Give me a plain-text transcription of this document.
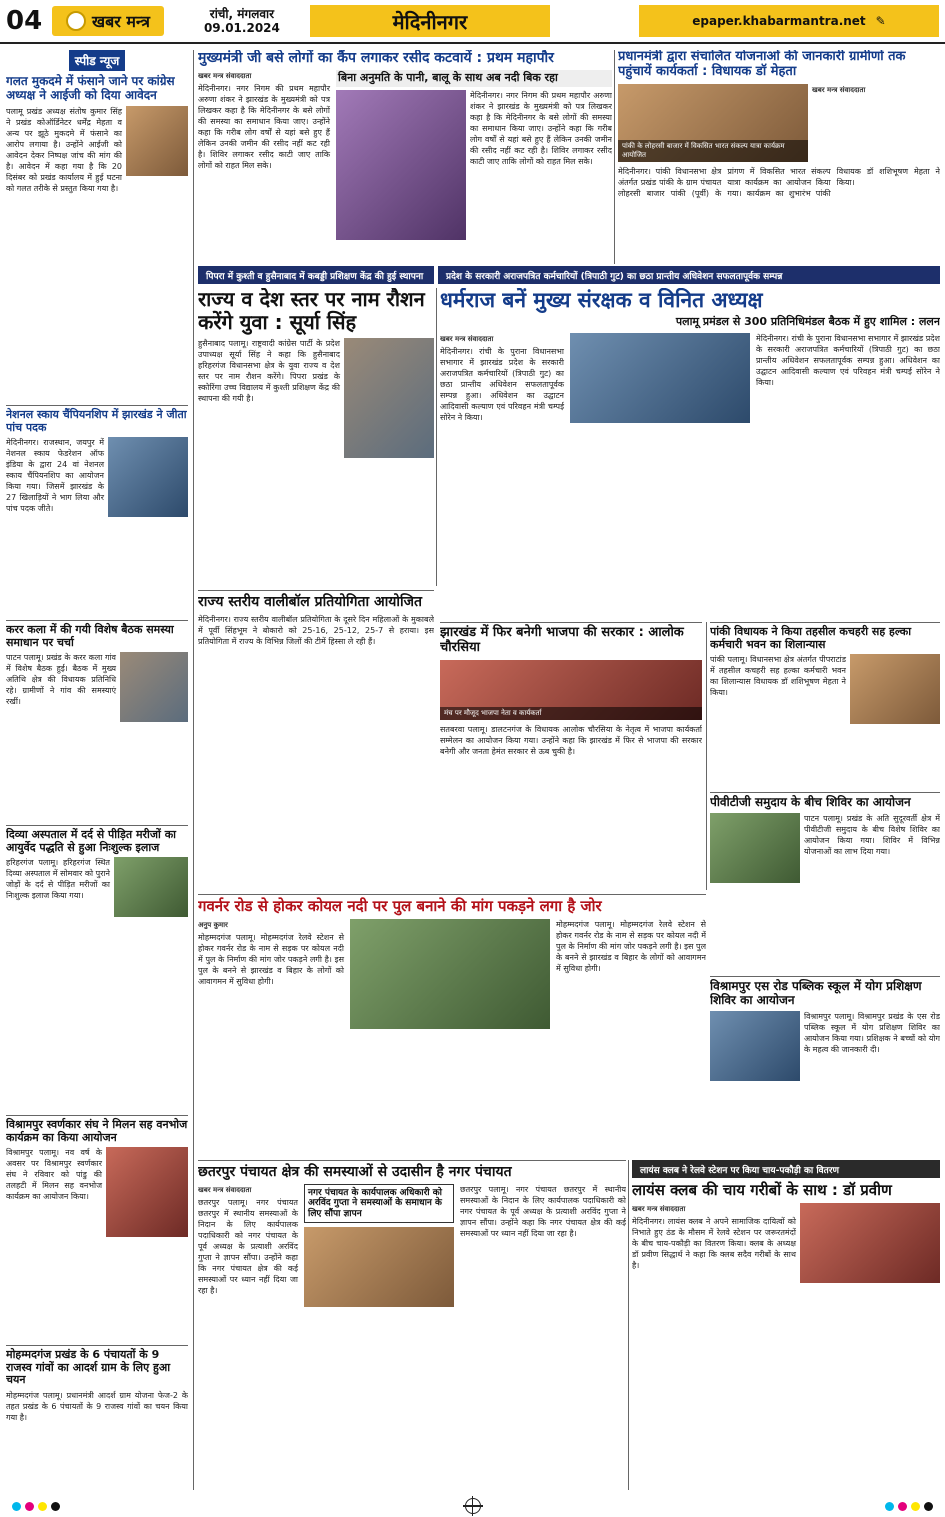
04	खबर मन्त्र	रांची, मंगलवार
09.01.2024	मेदिनीनगर	epaper.khabarmantra.net ✎
स्पीड न्यूज
गलत मुकदमे में फंसाने जाने पर कांग्रेस अध्यक्ष ने आईजी को दिया आवेदन
पलामू प्रखंड अध्यक्ष संतोष कुमार सिंह ने प्रखंड कोऑर्डिनेटर धर्मेंद्र मेहता व अन्य पर झूठे मुकदमे में फंसाने का आरोप लगाया है। उन्होंने आईजी को आवेदन देकर निष्पक्ष जांच की मांग की है। आवेदन में कहा गया है कि 20 दिसंबर को प्रखंड कार्यालय में हुई घटना को गलत तरीके से प्रस्तुत किया गया है।
नेशनल स्काय चैंपियनशिप में झारखंड ने जीता पांच पदक
मेदिनीनगर। राजस्थान, जयपुर में नेशनल स्काय फेडरेशन ऑफ इंडिया के द्वारा 24 वां नेशनल स्काय चैंपियनशिप का आयोजन किया गया। जिसमें झारखंड के 27 खिलाड़ियों ने भाग लिया और पांच पदक जीते।
करर कला में की गयी विशेष बैठक समस्या समाधान पर चर्चा
पाटन पलामू। प्रखंड के करर कला गांव में विशेष बैठक हुई। बैठक में मुख्य अतिथि क्षेत्र की विधायक प्रतिनिधि रहे। ग्रामीणों ने गांव की समस्याएं रखीं।
दिव्या अस्पताल में दर्द से पीड़ित मरीजों का आयुर्वेद पद्धति से हुआ निःशुल्क इलाज
हरिहरगंज पलामू। हरिहरगंज स्थित दिव्या अस्पताल में सोमवार को पुराने जोड़ों के दर्द से पीड़ित मरीजों का निःशुल्क इलाज किया गया।
विश्रामपुर स्वर्णकार संघ ने मिलन सह वनभोज कार्यक्रम का किया आयोजन
विश्रामपुर पलामू। नव वर्ष के अवसर पर विश्रामपुर स्वर्णकार संघ ने रविवार को पांडु की तलहटी में मिलन सह वनभोज कार्यक्रम का आयोजन किया।
मोहम्मदगंज प्रखंड के 6 पंचायतों के 9 राजस्व गांवों का आदर्श ग्राम के लिए हुआ चयन
मोहम्मदगंज पलामू। प्रधानमंत्री आदर्श ग्राम योजना फेज-2 के तहत प्रखंड के 6 पंचायतों के 9 राजस्व गांवों का चयन किया गया है।
मुख्यमंत्री जी बसे लोगों का कैंप लगाकर रसीद कटवायें : प्रथम महापौर
खबर मन्त्र संवाददाता
मेदिनीनगर। नगर निगम की प्रथम महापौर अरुणा शंकर ने झारखंड के मुख्यमंत्री को पत्र लिखकर कहा है कि मेदिनीनगर के बसे लोगों की समस्या का समाधान किया जाए। उन्होंने कहा कि गरीब लोग वर्षों से यहां बसे हुए हैं लेकिन उनकी जमीन की रसीद नहीं कट रही है। शिविर लगाकर रसीद काटी जाए ताकि लोगों को राहत मिल सके।
बिना अनुमति के पानी, बालू के साथ अब नदी बिक रहा
मेदिनीनगर। नगर निगम की प्रथम महापौर अरुणा शंकर ने झारखंड के मुख्यमंत्री को पत्र लिखकर कहा है कि मेदिनीनगर के बसे लोगों की समस्या का समाधान किया जाए। उन्होंने कहा कि गरीब लोग वर्षों से यहां बसे हुए हैं लेकिन उनकी जमीन की रसीद नहीं कट रही है। शिविर लगाकर रसीद काटी जाए ताकि लोगों को राहत मिल सके।
प्रधानमंत्री द्वारा संचालित योजनाओं की जानकारी ग्रामीणों तक पहुंचायें कार्यकर्ता : विधायक डॉ मेहता
पांकी के लोहरसी बाजार में विकसित भारत संकल्प यात्रा कार्यक्रम आयोजित
खबर मन्त्र संवाददाता
मेदिनीनगर। पांकी विधानसभा क्षेत्र अंतर्गत प्रखंड पांकी के ग्राम पंचायत लोहरसी बाजार पांकी (पूर्वी) के प्रांगण में विकसित भारत संकल्प यात्रा कार्यक्रम का आयोजन किया गया। कार्यक्रम का शुभारंभ पांकी विधायक डॉ शशिभूषण मेहता ने किया।
पिपरा में कुश्ती व हुसैनाबाद में कबड्डी प्रशिक्षण केंद्र की हुई स्थापना	प्रदेश के सरकारी अराजपत्रित कर्मचारियों (त्रिपाठी गुट) का छठा प्रान्तीय अधिवेशन सफलतापूर्वक सम्पन्न
राज्य व देश स्तर पर नाम रौशन करेंगे युवा : सूर्या सिंह
हुसैनाबाद पलामू। राष्ट्रवादी कांग्रेस पार्टी के प्रदेश उपाध्यक्ष सूर्या सिंह ने कहा कि हुसैनाबाद हरिहरगंज विधानसभा क्षेत्र के युवा राज्य व देश स्तर पर नाम रौशन करेंगे। पिपरा प्रखंड के स्कोरिंगा उच्च विद्यालय में कुश्ती प्रशिक्षण केंद्र की स्थापना की गयी है।
धर्मराज बनें मुख्य संरक्षक व विनित अध्यक्ष
पलामू प्रमंडल से 300 प्रतिनिधिमंडल बैठक में हुए शामिल : ललन
खबर मन्त्र संवाददाता
मेदिनीनगर। रांची के पुराना विधानसभा सभागार में झारखंड प्रदेश के सरकारी अराजपत्रित कर्मचारियों (त्रिपाठी गुट) का छठा प्रान्तीय अधिवेशन सफलतापूर्वक सम्पन्न हुआ। अधिवेशन का उद्घाटन आदिवासी कल्याण एवं परिवहन मंत्री चम्पई सोरेन ने किया।
मेदिनीनगर। रांची के पुराना विधानसभा सभागार में झारखंड प्रदेश के सरकारी अराजपत्रित कर्मचारियों (त्रिपाठी गुट) का छठा प्रान्तीय अधिवेशन सफलतापूर्वक सम्पन्न हुआ। अधिवेशन का उद्घाटन आदिवासी कल्याण एवं परिवहन मंत्री चम्पई सोरेन ने किया।
राज्य स्तरीय वालीबॉल प्रतियोगिता आयोजित
मेदिनीनगर। राज्य स्तरीय वालीबॉल प्रतियोगिता के दूसरे दिन महिलाओं के मुकाबले में पूर्वी सिंहभूम ने बोकारो को 25-16, 25-12, 25-7 से हराया। इस प्रतियोगिता में राज्य के विभिन्न जिलों की टीमें हिस्सा ले रही हैं।
झारखंड में फिर बनेगी भाजपा की सरकार : आलोक चौरसिया
मंच पर मौजूद भाजपा नेता व कार्यकर्ता
सतबरवा पलामू। डालटनगंज के विधायक आलोक चौरसिया के नेतृत्व में भाजपा कार्यकर्ता सम्मेलन का आयोजन किया गया। उन्होंने कहा कि झारखंड में फिर से भाजपा की सरकार बनेगी और जनता हेमंत सरकार से ऊब चुकी है।
पांकी विधायक ने किया तहसील कचहरी सह हल्का कर्मचारी भवन का शिलान्यास
पांकी पलामू। विधानसभा क्षेत्र अंतर्गत पीपराटांड में तहसील कचहरी सह हल्का कर्मचारी भवन का शिलान्यास विधायक डॉ शशिभूषण मेहता ने किया।
पीवीटीजी समुदाय के बीच शिविर का आयोजन
पाटन पलामू। प्रखंड के अति सुदूरवर्ती क्षेत्र में पीवीटीजी समुदाय के बीच विशेष शिविर का आयोजन किया गया। शिविर में विभिन्न योजनाओं का लाभ दिया गया।
गवर्नर रोड से होकर कोयल नदी पर पुल बनाने की मांग पकड़ने लगा है जोर
अनुप कुमार
मोहम्मदगंज पलामू। मोहम्मदगंज रेलवे स्टेशन से होकर गवर्नर रोड के नाम से सड़क पर कोयल नदी में पुल के निर्माण की मांग जोर पकड़ने लगी है। इस पुल के बनने से झारखंड व बिहार के लोगों को आवागमन में सुविधा होगी।
मोहम्मदगंज पलामू। मोहम्मदगंज रेलवे स्टेशन से होकर गवर्नर रोड के नाम से सड़क पर कोयल नदी में पुल के निर्माण की मांग जोर पकड़ने लगी है। इस पुल के बनने से झारखंड व बिहार के लोगों को आवागमन में सुविधा होगी।
विश्रामपुर एस रोड पब्लिक स्कूल में योग प्रशिक्षण शिविर का आयोजन
विश्रामपुर पलामू। विश्रामपुर प्रखंड के एस रोड पब्लिक स्कूल में योग प्रशिक्षण शिविर का आयोजन किया गया। प्रशिक्षक ने बच्चों को योग के महत्व की जानकारी दी।
छतरपुर पंचायत क्षेत्र की समस्याओं से उदासीन है नगर पंचायत
खबर मन्त्र संवाददाता
छतरपुर पलामू। नगर पंचायत छतरपुर में स्थानीय समस्याओं के निदान के लिए कार्यपालक पदाधिकारी को नगर पंचायत के पूर्व अध्यक्ष के प्रत्याशी अरविंद गुप्ता ने ज्ञापन सौंपा। उन्होंने कहा कि नगर पंचायत क्षेत्र की कई समस्याओं पर ध्यान नहीं दिया जा रहा है।
नगर पंचायत के कार्यपालक अधिकारी को अरविंद गुप्ता ने समस्याओं के समाधान के लिए सौंपा ज्ञापन
छतरपुर पलामू। नगर पंचायत छतरपुर में स्थानीय समस्याओं के निदान के लिए कार्यपालक पदाधिकारी को नगर पंचायत के पूर्व अध्यक्ष के प्रत्याशी अरविंद गुप्ता ने ज्ञापन सौंपा। उन्होंने कहा कि नगर पंचायत क्षेत्र की कई समस्याओं पर ध्यान नहीं दिया जा रहा है।
लायंस क्लब ने रेलवे स्टेशन पर किया चाय-पकौड़ी का वितरण
लायंस क्लब की चाय गरीबों के साथ : डॉ प्रवीण
खबर मन्त्र संवाददाता
मेदिनीनगर। लायंस क्लब ने अपने सामाजिक दायित्वों को निभाते हुए ठंड के मौसम में रेलवे स्टेशन पर जरूरतमंदों के बीच चाय-पकौड़ी का वितरण किया। क्लब के अध्यक्ष डॉ प्रवीण सिद्धार्थ ने कहा कि क्लब सदैव गरीबों के साथ है।
